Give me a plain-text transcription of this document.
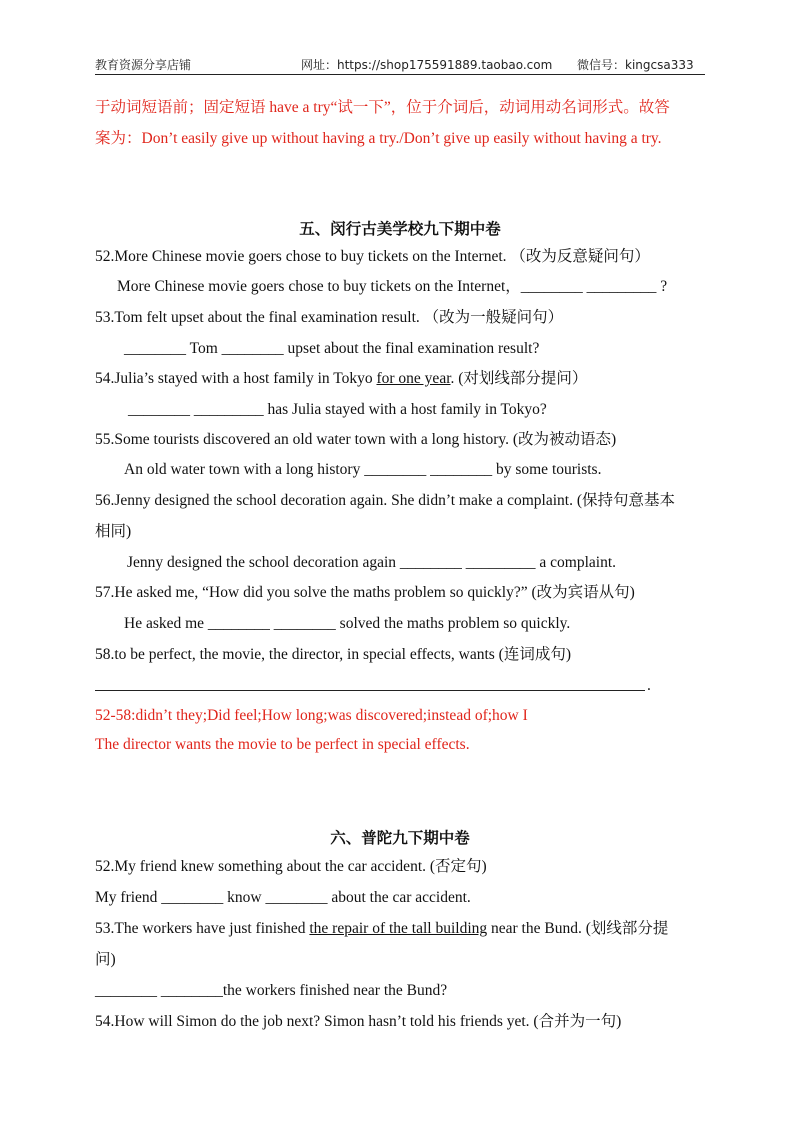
教育资源分享店铺	网址：https://shop175591889.taobao.com 微信号：kingcsa333
于动词短语前；固定短语 have a try“试一下”，位于介词后，动词用动名词形式。故答
案为：Don’t easily give up without having a try./Don’t give up easily without having a try.
五、闵行古美学校九下期中卷
52.More Chinese movie goers chose to buy tickets on the Internet. （改为反意疑问句）
More Chinese movie goers chose to buy tickets on the Internet，________ _________ ?
53.Tom felt upset about the final examination result. （改为一般疑问句）
________ Tom ________ upset about the final examination result?
54.Julia’s stayed with a host family in Tokyo for one year. (对划线部分提问）
________ _________ has Julia stayed with a host family in Tokyo?
55.Some tourists discovered an old water town with a long history. (改为被动语态)
An old water town with a long history ________ ________ by some tourists.
56.Jenny designed the school decoration again. She didn’t make a complaint. (保持句意基本
相同)
Jenny designed the school decoration again ________ _________ a complaint.
57.He asked me, “How did you solve the maths problem so quickly?” (改为宾语从句)
He asked me ________ ________ solved the maths problem so quickly.
58.to be perfect, the movie, the director, in special effects, wants (连词成句)
.
52-58:didn’t they;Did feel;How long;was discovered;instead of;how I
The director wants the movie to be perfect in special effects.
六、普陀九下期中卷
52.My friend knew something about the car accident. (否定句)
My friend ________ know ________ about the car accident.
53.The workers have just finished the repair of the tall building near the Bund. (划线部分提
问)
________ ________the workers finished near the Bund?
54.How will Simon do the job next? Simon hasn’t told his friends yet. (合并为一句)
